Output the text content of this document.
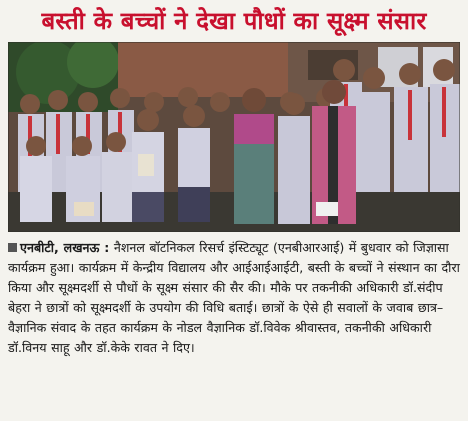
बस्ती के बच्चों ने देखा पौधों का सूक्ष्म संसार
एनबीटी, लखनऊ : नैशनल बॉटनिकल रिसर्च इंस्टिट्यूट (एनबीआरआई) में बुधवार को जिज्ञासा कार्यक्रम हुआ। कार्यक्रम में केन्द्रीय विद्यालय और आईआईआईटी, बस्ती के बच्चों ने संस्थान का दौरा किया और सूक्ष्मदर्शी से पौधों के सूक्ष्म संसार की सैर की। मौके पर तकनीकी अधिकारी डॉ.संदीप बेहरा ने छात्रों को सूक्ष्मदर्शी के उपयोग की विधि बताई। छात्रों के ऐसे ही सवालों के जवाब छात्र–वैज्ञानिक संवाद के तहत कार्यक्रम के नोडल वैज्ञानिक डॉ.विवेक श्रीवास्तव, तकनीकी अधिकारी डॉ.विनय साहू और डॉ.केके रावत ने दिए।
